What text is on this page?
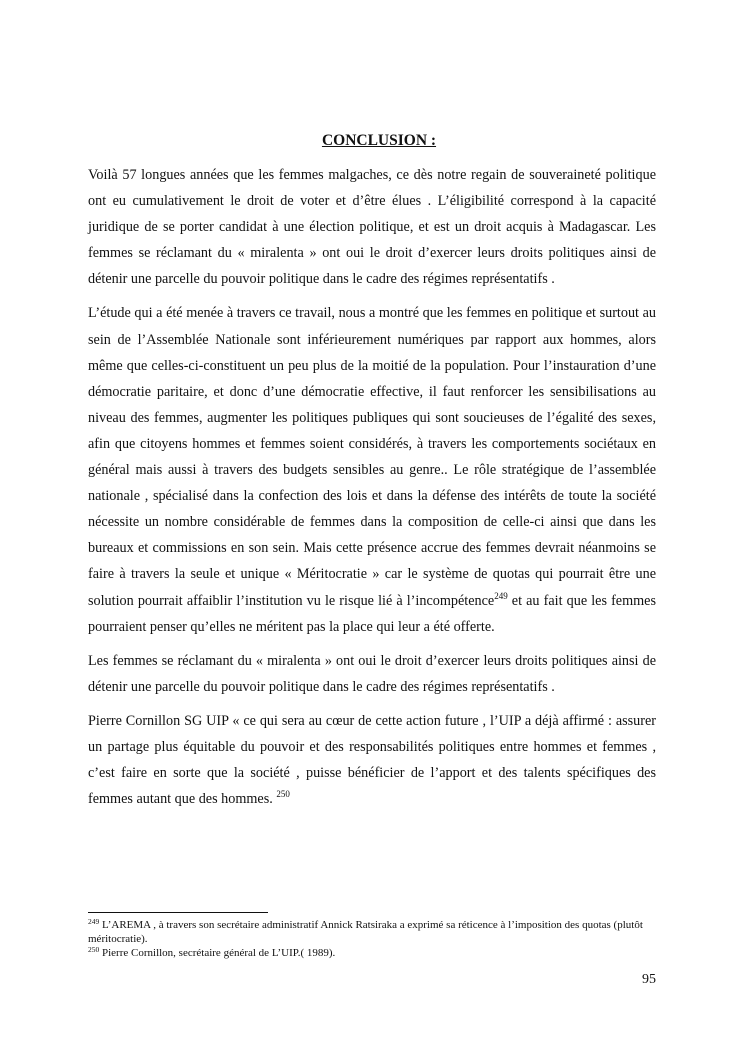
CONCLUSION :

Voilà 57 longues années que les femmes malgaches, ce dès notre regain de souveraineté politique ont eu cumulativement le droit de voter et d’être élues . L’éligibilité correspond à la capacité juridique de se porter candidat à une élection politique, et est un droit acquis à Madagascar. Les femmes se réclamant du « miralenta » ont oui le droit d’exercer leurs droits politiques ainsi de détenir une parcelle du pouvoir politique dans le cadre des régimes représentatifs .

L’étude qui a été menée à travers ce travail, nous a montré que les femmes en politique et surtout au sein de l’Assemblée Nationale sont inférieurement numériques par rapport aux hommes, alors même que celles-ci-constituent un peu plus de la moitié de la population. Pour l’instauration d’une démocratie paritaire, et donc d’une démocratie effective, il faut renforcer les sensibilisations au niveau des femmes, augmenter les politiques publiques qui sont soucieuses de l’égalité des sexes, afin que citoyens hommes et femmes soient considérés, à travers les comportements sociétaux en général mais aussi à travers des budgets sensibles au genre.. Le rôle stratégique de l’assemblée nationale , spécialisé dans la confection des lois et dans la défense des intérêts de toute la société nécessite un nombre considérable de femmes dans la composition de celle-ci ainsi que dans les bureaux et commissions en son sein. Mais cette présence accrue des femmes devrait néanmoins se faire à travers la seule et unique « Méritocratie » car le système de quotas qui pourrait être une solution pourrait affaiblir l’institution vu le risque lié à l’incompétence$^{249}$ et au fait que les femmes pourraient penser qu’elles ne méritent pas la place qui leur a été offerte.

Les femmes se réclamant du « miralenta » ont oui le droit d’exercer leurs droits politiques ainsi de détenir une parcelle du pouvoir politique dans le cadre des régimes représentatifs .

Pierre Cornillon SG UIP « ce qui sera au cœur de cette action future , l’UIP a déjà affirmé : assurer un partage plus équitable du pouvoir et des responsabilités politiques entre hommes et femmes , c’est faire en sorte que la société , puisse bénéficier de l’apport et des talents spécifiques des femmes autant que des hommes. $^{250}$

$^{249}$ L’AREMA , à travers son secrétaire administratif Annick Ratsiraka a exprimé sa réticence à l’imposition des quotas (plutôt méritocratie).

$^{250}$ Pierre Cornillon, secrétaire général de L’UIP.( 1989).

95
